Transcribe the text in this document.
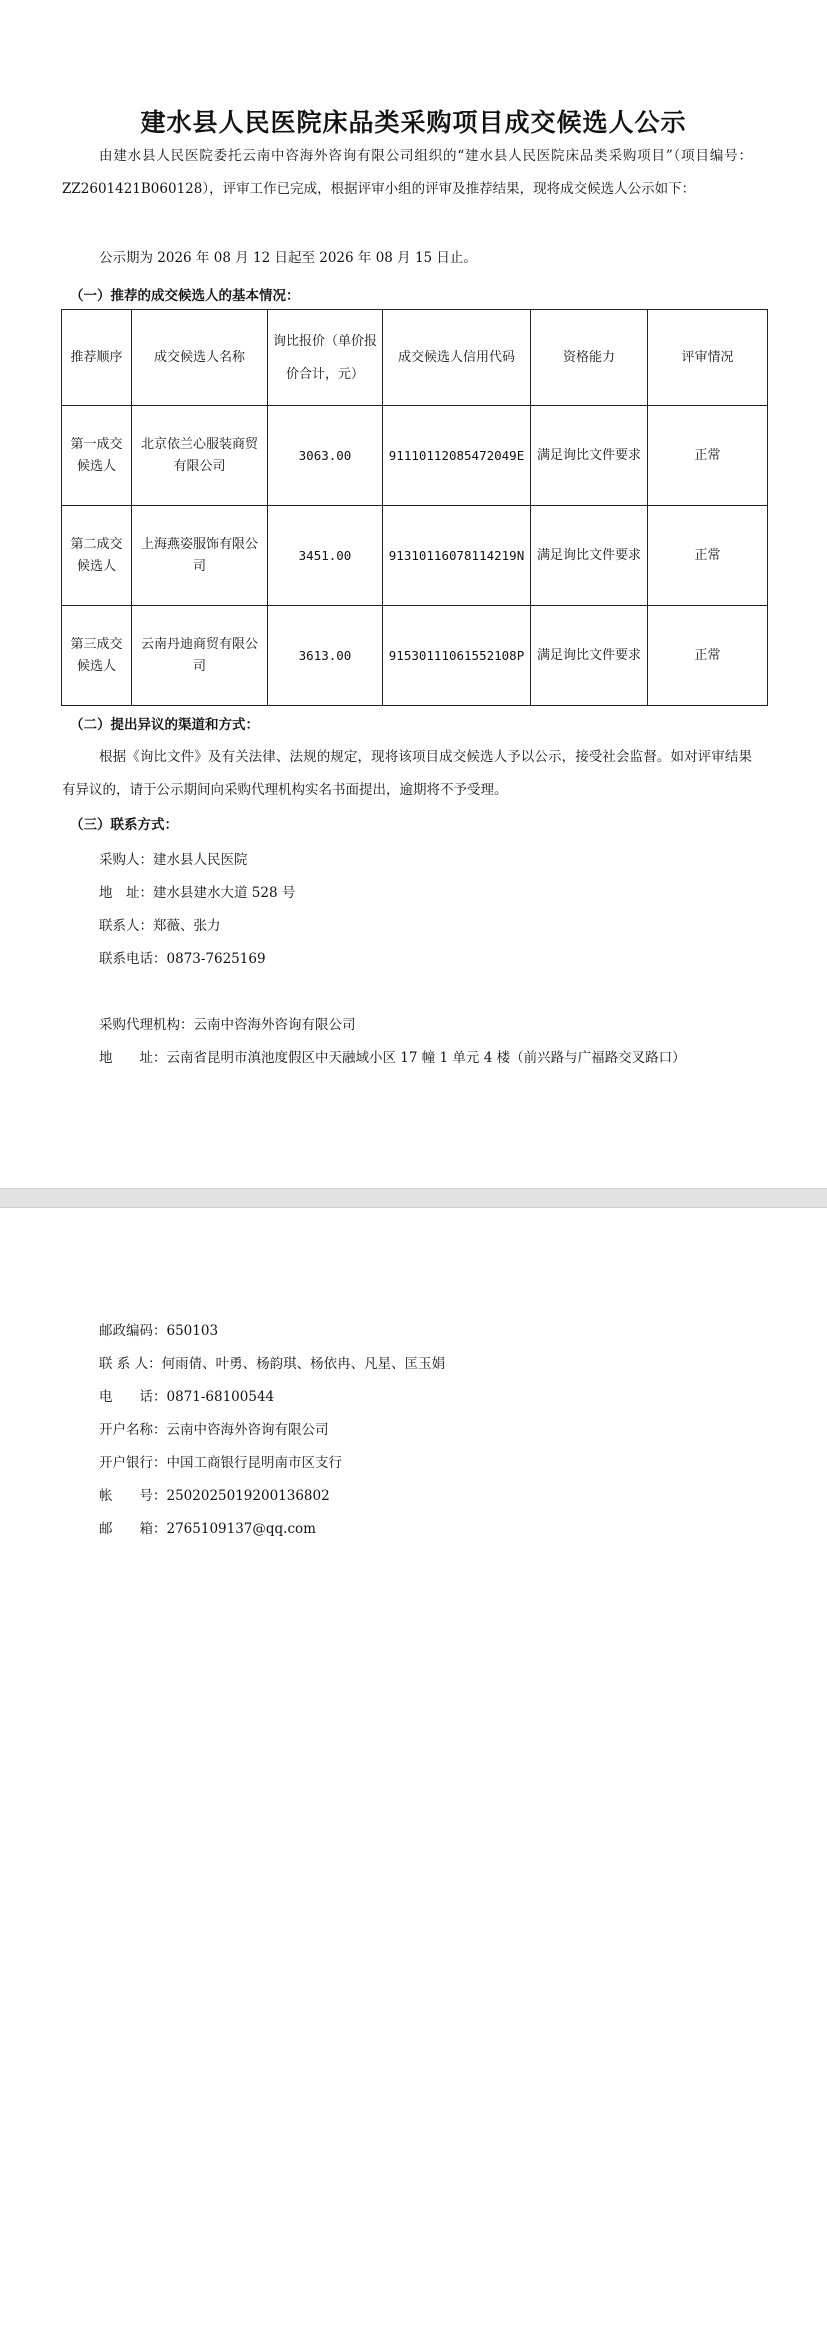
建水县人民医院床品类采购项目成交候选人公示
由建水县人民医院委托云南中咨海外咨询有限公司组织的“建水县人民医院床品类采购项目”（项目编号：ZZ2601421B060128），评审工作已完成，根据评审小组的评审及推荐结果，现将成交候选人公示如下：
公示期为 2026 年 08 月 12 日起至 2026 年 08 月 15 日止。
（一）推荐的成交候选人的基本情况：
推荐顺序	成交候选人名称	询比报价（单价报价合计，元）	成交候选人信用代码	资格能力	评审情况
第一成交候选人	北京依兰心服装商贸有限公司	3063.00	91110112085472049E	满足询比文件要求	正常
第二成交候选人	上海燕姿服饰有限公司	3451.00	91310116078114219N	满足询比文件要求	正常
第三成交候选人	云南丹迪商贸有限公司	3613.00	91530111061552108P	满足询比文件要求	正常
（二）提出异议的渠道和方式：
根据《询比文件》及有关法律、法规的规定，现将该项目成交候选人予以公示，接受社会监督。如对评审结果有异议的，请于公示期间向采购代理机构实名书面提出，逾期将不予受理。
（三）联系方式：
采购人：建水县人民医院
地　址：建水县建水大道 528 号
联系人：郑薇、张力
联系电话：0873-7625169
采购代理机构：云南中咨海外咨询有限公司
地　　址：云南省昆明市滇池度假区中天融域小区 17 幢 1 单元 4 楼（前兴路与广福路交叉路口）
邮政编码：650103
联 系 人：何雨倩、叶勇、杨韵琪、杨依冉、凡星、匡玉娟
电　　话：0871-68100544
开户名称：云南中咨海外咨询有限公司
开户银行：中国工商银行昆明南市区支行
帐　　号：2502025019200136802
邮　　箱：2765109137@qq.com
